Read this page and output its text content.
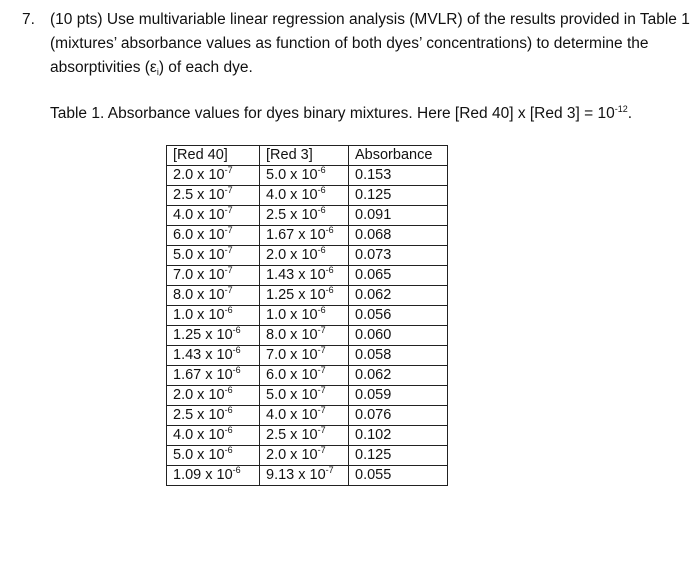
7. (10 pts) Use multivariable linear regression analysis (MVLR) of the results provided in Table 1 (mixtures’ absorbance values as function of both dyes’ concentrations) to determine the absorptivities $(\varepsilon_i)$ of each dye.
Table 1. Absorbance values for dyes binary mixtures. Here [Red 40] x [Red $3] = 10^{-12}$.
[Red 40]	[Red 3]	Absorbance
2.0 x $10^{-7}$	5.0 x $10^{-6}$	0.153
2.5 x $10^{-7}$	4.0 x $10^{-6}$	0.125
4.0 x $10^{-7}$	2.5 x $10^{-6}$	0.091
6.0 x $10^{-7}$	1.67 x $10^{-6}$	0.068
5.0 x $10^{-7}$	2.0 x $10^{-6}$	0.073
7.0 x $10^{-7}$	1.43 x $10^{-6}$	0.065
8.0 x $10^{-7}$	1.25 x $10^{-6}$	0.062
1.0 x $10^{-6}$	1.0 x $10^{-6}$	0.056
1.25 x $10^{-6}$	8.0 x $10^{-7}$	0.060
1.43 x $10^{-6}$	7.0 x $10^{-7}$	0.058
1.67 x $10^{-6}$	6.0 x $10^{-7}$	0.062
2.0 x $10^{-6}$	5.0 x $10^{-7}$	0.059
2.5 x $10^{-6}$	4.0 x $10^{-7}$	0.076
4.0 x $10^{-6}$	2.5 x $10^{-7}$	0.102
5.0 x $10^{-6}$	2.0 x $10^{-7}$	0.125
1.09 x $10^{-6}$	9.13 x $10^{-7}$	0.055
